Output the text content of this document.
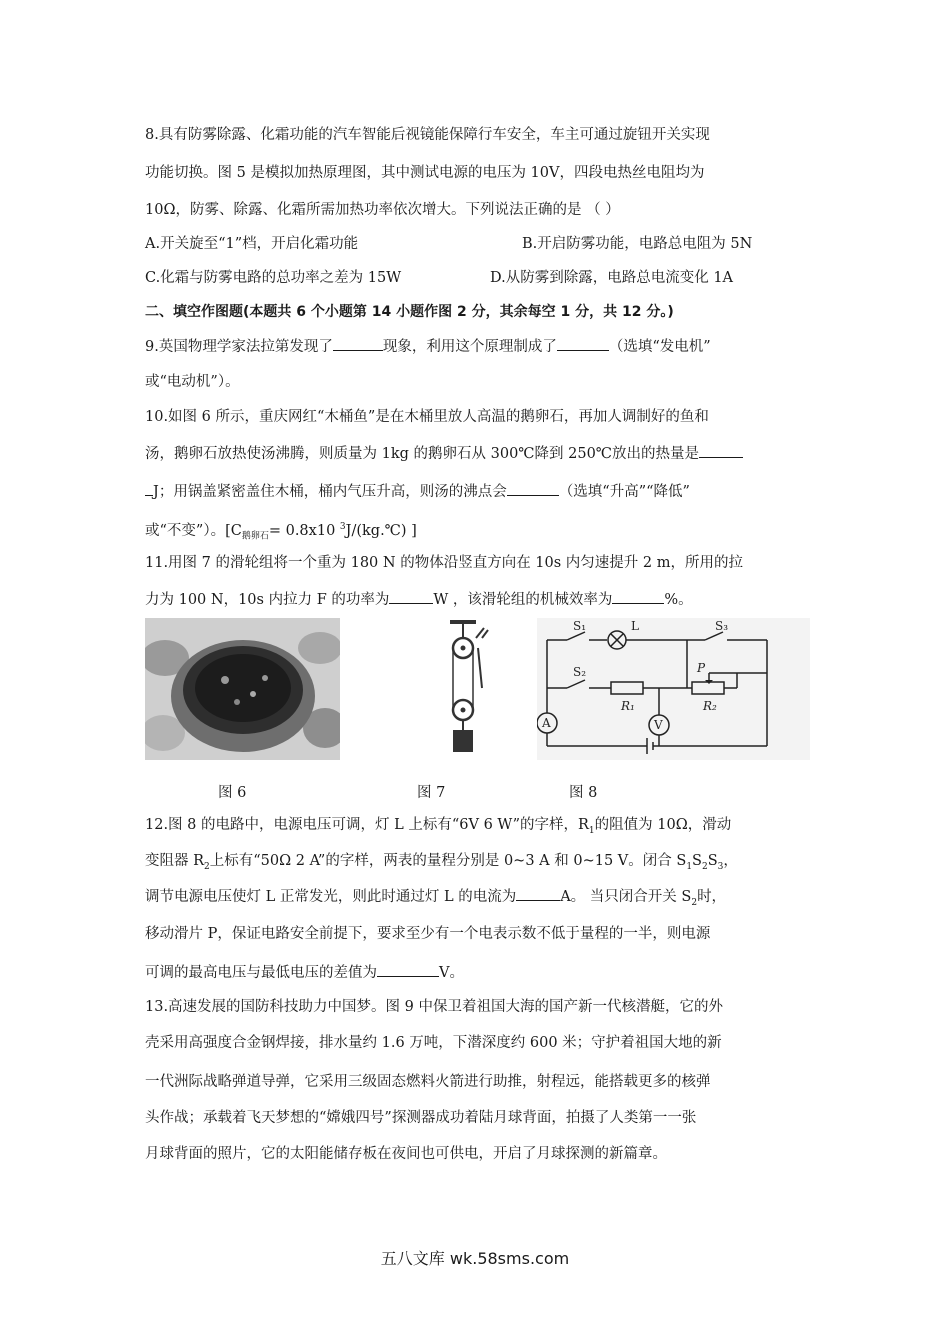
8.具有防雾除露、化霜功能的汽车智能后视镜能保障行车安全，车主可通过旋钮开关实现
功能切换。图 5 是模拟加热原理图，其中测试电源的电压为 10V，四段电热丝电阻均为
10Ω，防雾、除露、化霜所需加热功率依次增大。下列说法正确的是 （ ）
A.开关旋至“1”档，开启化霜功能	B.开启防雾功能，电路总电阻为 5N
C.化霜与防雾电路的总功率之差为 15W	D.从防雾到除露，电路总电流变化 1A
二、填空作图题(本题共 6 个小题第 14 小题作图 2 分，其余每空 1 分，共 12 分。)
9.英国物理学家法拉第发现了	现象，利用这个原理制成了	（选填“发电机”
或“电动机”）。
10.如图 6 所示，重庆网红“木桶鱼”是在木桶里放人高温的鹅卵石，再加人调制好的鱼和
汤，鹅卵石放热使汤沸腾，则质量为 1kg 的鹅卵石从 300℃降到 250℃放出的热量是
J；用锅盖紧密盖住木桶，桶内气压升高，则汤的沸点会	（选填“升高”“降低”
或“不变”）。[$C_{鹅卵石}= 0.8x10$ $^3$J/(kg.℃) ]
11.用图 7 的滑轮组将一个重为 180 N 的物体沿竖直方向在 10s 内匀速提升 2 m，所用的拉
力为 100 N，10s 内拉力 F 的功率为	W ，该滑轮组的机械效率为	%。
S₁	L	S₃
S₂
R₁	R₂
P
A	V
图 6	图 7	图 8
12.图 8 的电路中，电源电压可调，灯 L 上标有“6V 6 W”的字样，$R_1$的阻值为 10Ω，滑动
变阻器 $R_2$上标有“50Ω 2 A”的字样，两表的量程分别是 0~3 A 和 0~15 V。闭合 $S_1S_2S_3$，
调节电源电压使灯 L 正常发光，则此时通过灯 L 的电流为	A。 当只闭合开关 $S_2$时，
移动滑片 P，保证电路安全前提下，要求至少有一个电表示数不低于量程的一半，则电源
可调的最高电压与最低电压的差值为	V。
13.高速发展的国防科技助力中国梦。图 9 中保卫着祖国大海的国产新一代核潜艇，它的外
壳采用高强度合金钢焊接，排水量约 1.6 万吨，下潜深度约 600 米；守护着祖国大地的新
一代洲际战略弹道导弹，它采用三级固态燃料火箭进行助推，射程远，能搭载更多的核弹
头作战；承载着飞天梦想的“嫦娥四号”探测器成功着陆月球背面，拍摄了人类第一一张
月球背面的照片，它的太阳能储存板在夜间也可供电，开启了月球探测的新篇章。
五八文库 wk.58sms.com
